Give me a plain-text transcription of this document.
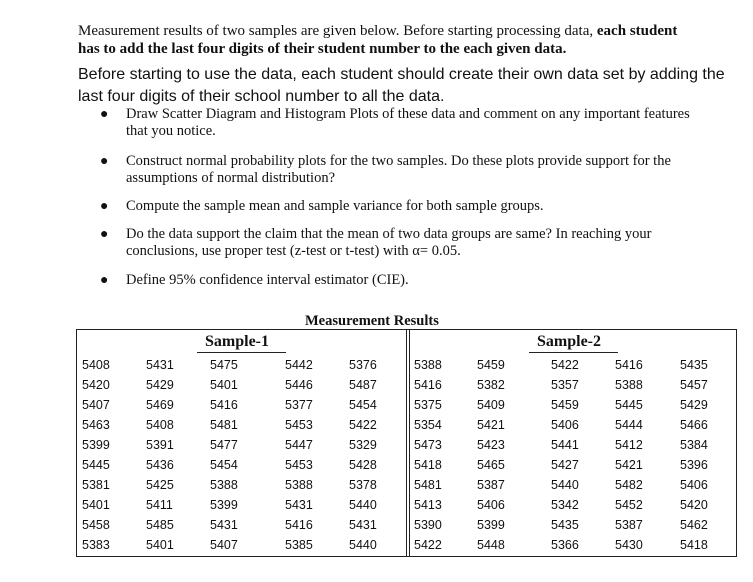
Measurement results of two samples are given below. Before starting processing data, each student has to add the last four digits of their student number to the each given data.
Before starting to use the data, each student should create their own data set by adding the last four digits of their school number to all the data.
● Draw Scatter Diagram and Histogram Plots of these data and comment on any important features that you notice.
● Construct normal probability plots for the two samples. Do these plots provide support for the assumptions of normal distribution?
● Compute the sample mean and sample variance for both sample groups.
● Do the data support the claim that the mean of two data groups are same? In reaching your conclusions, use proper test (z-test or t-test) with α= 0.05.
● Define 95% confidence interval estimator (CIE).
Measurement Results
Sample-1	Sample-2
5408	5431	5475	5442	5376	5388	5459	5422	5416	5435
5420	5429	5401	5446	5487	5416	5382	5357	5388	5457
5407	5469	5416	5377	5454	5375	5409	5459	5445	5429
5463	5408	5481	5453	5422	5354	5421	5406	5444	5466
5399	5391	5477	5447	5329	5473	5423	5441	5412	5384
5445	5436	5454	5453	5428	5418	5465	5427	5421	5396
5381	5425	5388	5388	5378	5481	5387	5440	5482	5406
5401	5411	5399	5431	5440	5413	5406	5342	5452	5420
5458	5485	5431	5416	5431	5390	5399	5435	5387	5462
5383	5401	5407	5385	5440	5422	5448	5366	5430	5418
